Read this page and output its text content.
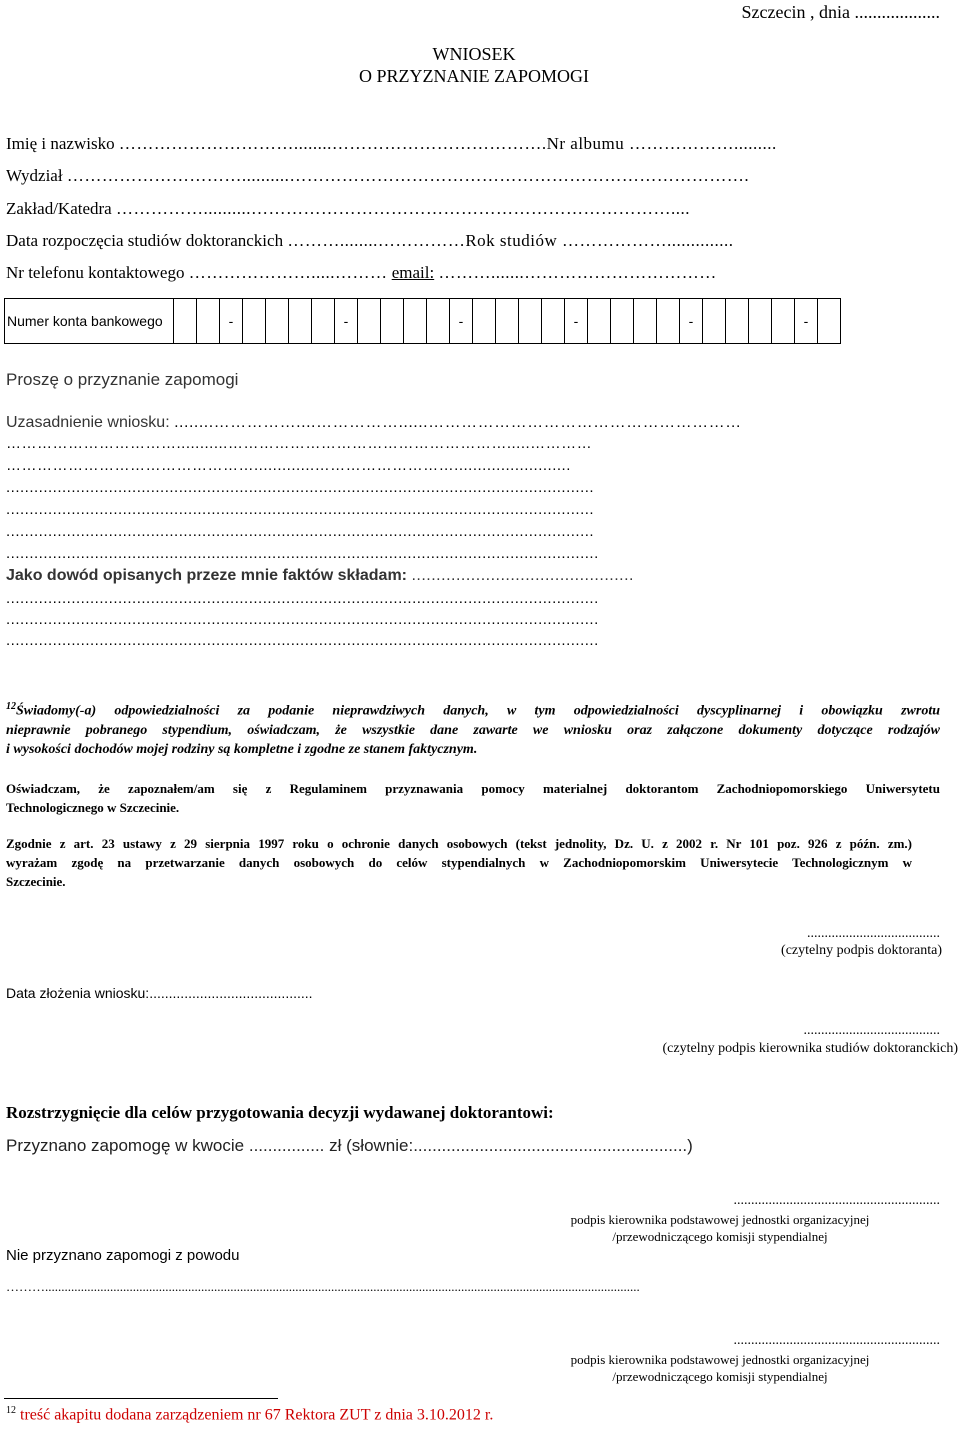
Szczecin , dnia ...................
WNIOSEK
O PRZYZNANIE ZAPOMOGI
Imię i nazwisko …………………………........……………………………….Nr albumu ……………….........
Wydział …………………………..........…………………………………………………………………….
Zakład/Katedra ……………..........………………………………………………………………....
Data rozpoczęcia studiów doktoranckich ………........……………Rok studiów ………………..............
Nr telefonu kontaktowego ………………….....……… email: ……….......……………………………
Numer konta bankowego			-					-					-					-					-					-	
Proszę o przyznanie zapomogi
Uzasadnienie wniosku: ........……………....……………......…………………………………………………
……………………………...........……………………………………………….....…………
………………………………………….............……………………….........................
..............................................................................................................................
..............................................................................................................................
..............................................................................................................................
...............................................................................................................................
Jako dowód opisanych przeze mnie faktów składam: .............................................
...............................................................................................................................
...............................................................................................................................
...............................................................................................................................
$^{12}$Świadomy(-a) odpowiedzialności za podanie nieprawdziwych danych, w tym odpowiedzialności dyscyplinarnej i obowiązku zwrotu
nieprawnie pobranego stypendium, oświadczam, że wszystkie dane zawarte we wniosku oraz załączone dokumenty dotyczące rodzajów
i wysokości dochodów mojej rodziny są kompletne i zgodne ze stanem faktycznym.
Oświadczam, że zapoznałem/am się z Regulaminem przyznawania pomocy materialnej doktorantom Zachodniopomorskiego Uniwersytetu
Technologicznego w Szczecinie.
Zgodnie z art. 23 ustawy z 29 sierpnia 1997 roku o ochronie danych osobowych (tekst jednolity, Dz. U. z 2002 r. Nr 101 poz. 926 z późn. zm.)
wyrażam zgodę na przetwarzanie danych osobowych do celów stypendialnych w Zachodniopomorskim Uniwersytecie Technologicznym w
Szczecinie.
......................................
(czytelny podpis doktoranta)
Data złożenia wniosku:..........................................
.......................................
(czytelny podpis kierownika studiów doktoranckich)
Rozstrzygnięcie dla celów przygotowania decyzji wydawanej doktorantowi:
Przyznano zapomogę w kwocie ................ zł (słownie:..........................................................)
...........................................................
podpis kierownika podstawowej jednostki organizacyjnej
/przewodniczącego komisji stypendialnej
Nie przyznano zapomogi z powodu
……….......................................................................................................................................................................................
...........................................................
podpis kierownika podstawowej jednostki organizacyjnej
/przewodniczącego komisji stypendialnej
$^{12}$ treść akapitu dodana zarządzeniem nr 67 Rektora ZUT z dnia 3.10.2012 r.
